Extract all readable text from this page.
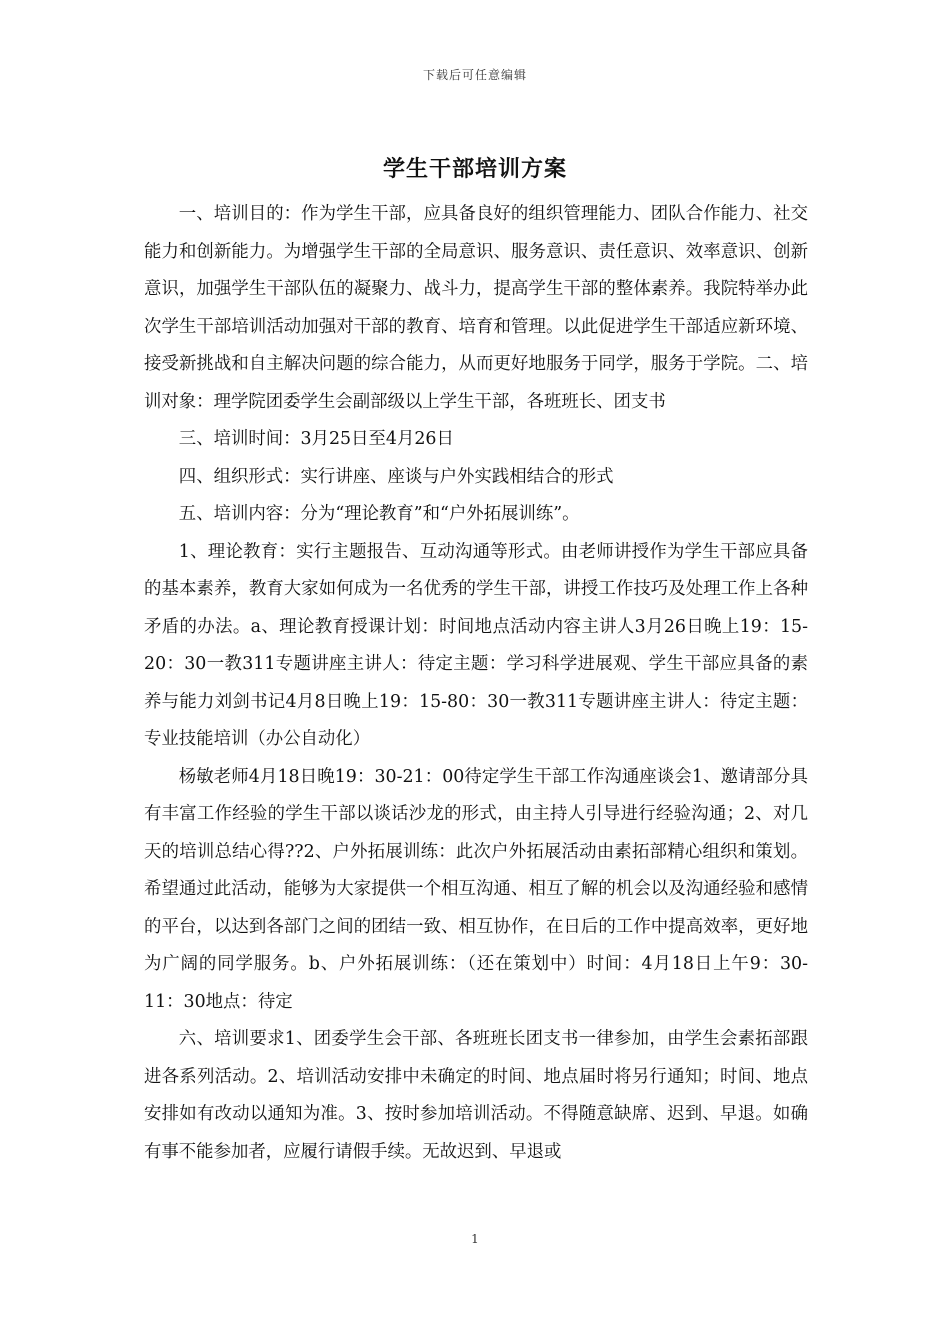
下载后可任意编辑
学生干部培训方案

一、培训目的：作为学生干部，应具备良好的组织管理能力、团队合作能力、社交能力和创新能力。为增强学生干部的全局意识、服务意识、责任意识、效率意识、创新意识，加强学生干部队伍的凝聚力、战斗力，提高学生干部的整体素养。我院特举办此次学生干部培训活动加强对干部的教育、培育和管理。以此促进学生干部适应新环境、接受新挑战和自主解决问题的综合能力，从而更好地服务于同学，服务于学院。二、培训对象：理学院团委学生会副部级以上学生干部，各班班长、团支书

三、培训时间：3月25日至4月26日

四、组织形式：实行讲座、座谈与户外实践相结合的形式

五、培训内容：分为“理论教育”和“户外拓展训练”。

1、理论教育：实行主题报告、互动沟通等形式。由老师讲授作为学生干部应具备的基本素养，教育大家如何成为一名优秀的学生干部，讲授工作技巧及处理工作上各种矛盾的办法。a、理论教育授课计划：时间地点活动内容主讲人3月26日晚上19：15-20：30一教311专题讲座主讲人：待定主题：学习科学进展观、学生干部应具备的素养与能力刘剑书记4月8日晚上19：15-80：30一教311专题讲座主讲人：待定主题：专业技能培训（办公自动化）

杨敏老师4月18日晚19：30-21：00待定学生干部工作沟通座谈会1、邀请部分具有丰富工作经验的学生干部以谈话沙龙的形式，由主持人引导进行经验沟通；2、对几天的培训总结心得??2、户外拓展训练：此次户外拓展活动由素拓部精心组织和策划。希望通过此活动，能够为大家提供一个相互沟通、相互了解的机会以及沟通经验和感情的平台，以达到各部门之间的团结一致、相互协作，在日后的工作中提高效率，更好地为广阔的同学服务。b、户外拓展训练：（还在策划中）时间：4月18日上午9：30-11：30地点：待定

六、培训要求1、团委学生会干部、各班班长团支书一律参加，由学生会素拓部跟进各系列活动。2、培训活动安排中未确定的时间、地点届时将另行通知；时间、地点安排如有改动以通知为准。3、按时参加培训活动。不得随意缺席、迟到、早退。如确有事不能参加者，应履行请假手续。无故迟到、早退或

1
